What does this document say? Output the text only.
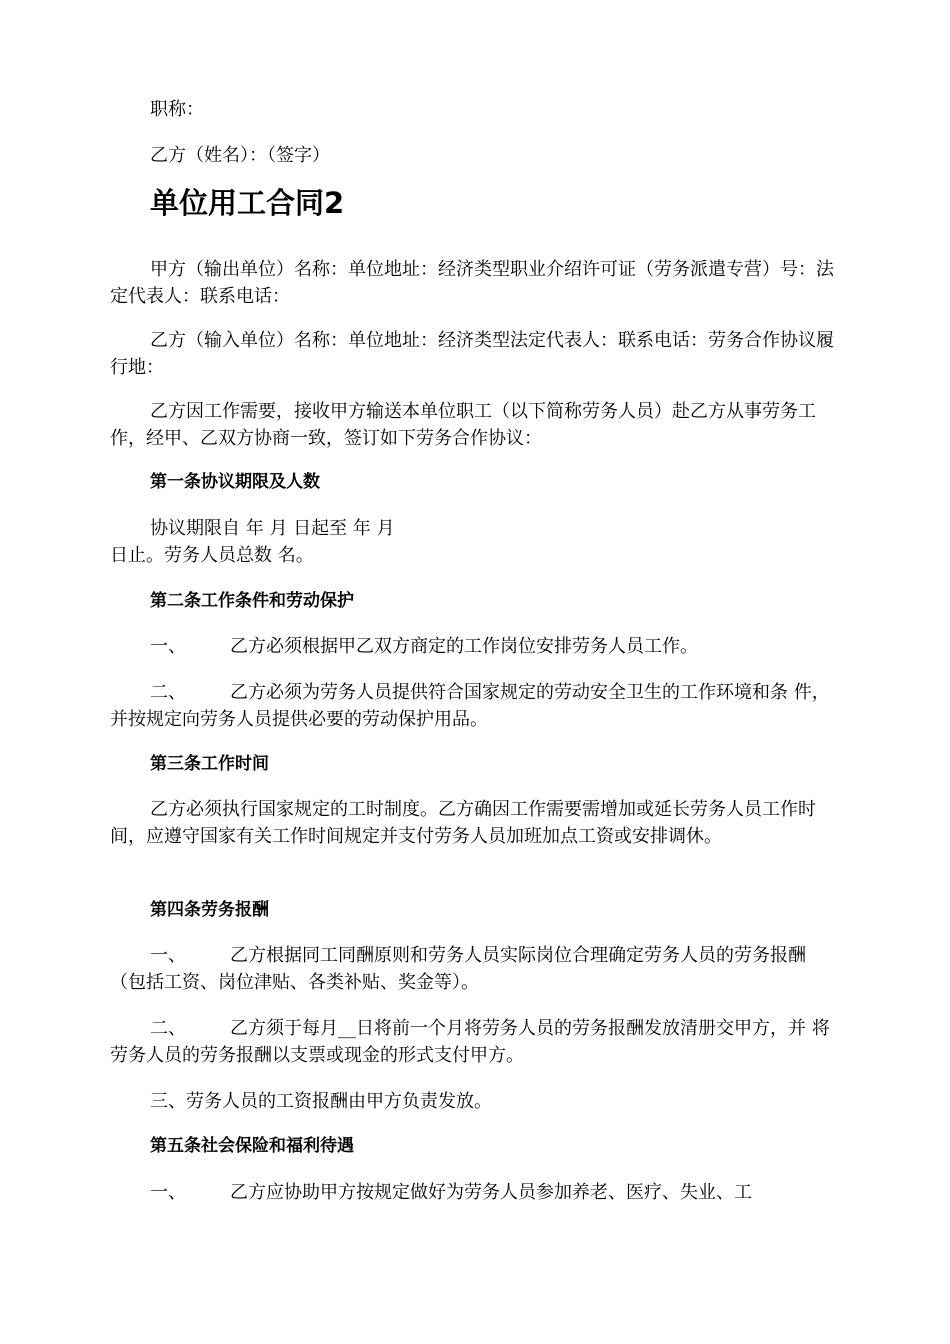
职称：

乙方（姓名）：（签字）

单位用工合同2

甲方（输出单位）名称：单位地址：经济类型职业介绍许可证（劳务派遣专营）号：法定代表人：联系电话：

乙方（输入单位）名称：单位地址：经济类型法定代表人：联系电话：劳务合作协议履行地：

乙方因工作需要，接收甲方输送本单位职工（以下简称劳务人员）赴乙方从事劳务工作，经甲、乙双方协商一致，签订如下劳务合作协议：

第一条协议期限及人数

协议期限自 年 月 日起至 年 月

日止。劳务人员总数 名。

第二条工作条件和劳动保护

一、 乙方必须根据甲乙双方商定的工作岗位安排劳务人员工作。

二、 乙方必须为劳务人员提供符合国家规定的劳动安全卫生的工作环境和条 件，并按规定向劳务人员提供必要的劳动保护用品。

第三条工作时间

乙方必须执行国家规定的工时制度。乙方确因工作需要需增加或延长劳务人员工作时间，应遵守国家有关工作时间规定并支付劳务人员加班加点工资或安排调休。

第四条劳务报酬

一、 乙方根据同工同酬原则和劳务人员实际岗位合理确定劳务人员的劳务报酬 （包括工资、岗位津贴、各类补贴、奖金等）。

二、 乙方须于每月__日将前一个月将劳务人员的劳务报酬发放清册交甲方，并 将劳务人员的劳务报酬以支票或现金的形式支付甲方。

三、劳务人员的工资报酬由甲方负责发放。

第五条社会保险和福利待遇

一、 乙方应协助甲方按规定做好为劳务人员参加养老、医疗、失业、工
